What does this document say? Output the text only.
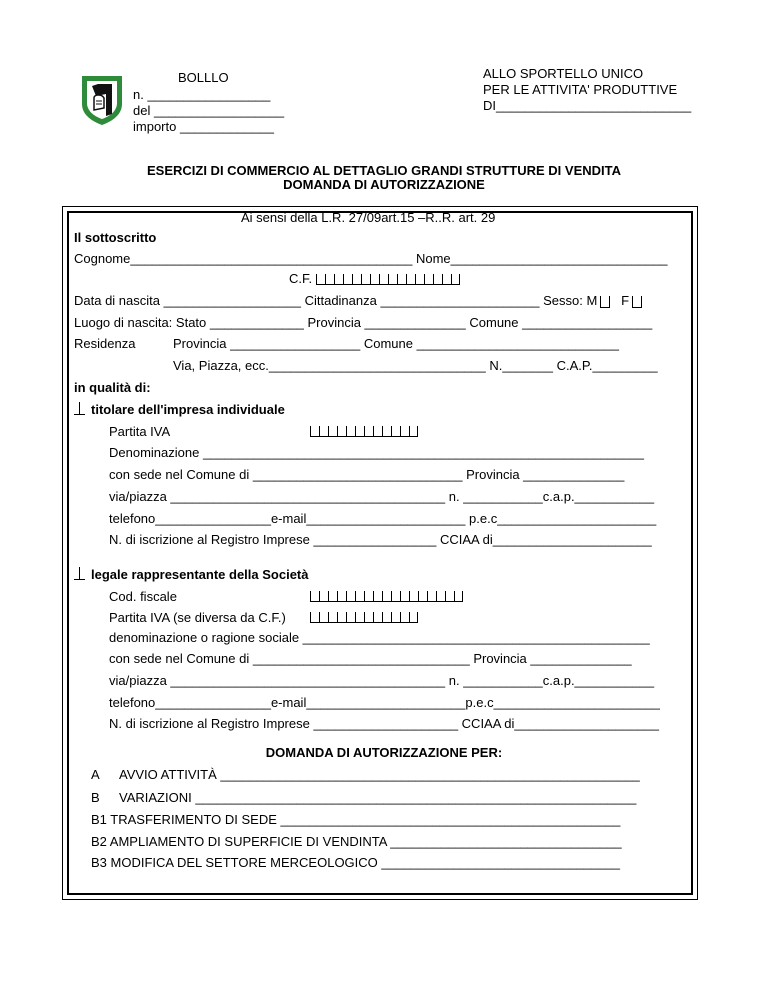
BOLLLO
n. _________________
del __________________
importo _____________
ALLO SPORTELLO UNICO
PER LE ATTIVITA' PRODUTTIVE
DI___________________________
ESERCIZI DI COMMERCIO AL DETTAGLIO GRANDI STRUTTURE DI VENDITA
DOMANDA DI AUTORIZZAZIONE
Ai sensi della L.R. 27/09art.15 –R..R. art. 29
Il sottoscritto
Cognome_______________________________________ Nome______________________________
C.F.
Data di nascita ___________________ Cittadinanza ______________________ Sesso: M F
Luogo di nascita: Stato _____________ Provincia ______________ Comune __________________
Residenza	Provincia __________________ Comune ____________________________
Via, Piazza, ecc.______________________________ N._______ C.A.P._________
in qualità di:
titolare dell'impresa individuale
Partita IVA
Denominazione _____________________________________________________________
con sede nel Comune di _____________________________ Provincia ______________
via/piazza ______________________________________ n. ___________c.a.p.___________
telefono________________e-mail______________________ p.e.c______________________
N. di iscrizione al Registro Imprese _________________ CCIAA di______________________
legale rappresentante della Società
Cod. fiscale
Partita IVA (se diversa da C.F.)
denominazione o ragione sociale ________________________________________________
con sede nel Comune di ______________________________ Provincia ______________
via/piazza ______________________________________ n. ___________c.a.p.___________
telefono________________e-mail______________________p.e.c_______________________
N. di iscrizione al Registro Imprese ____________________ CCIAA di____________________
DOMANDA DI AUTORIZZAZIONE PER:
A AVVIO ATTIVITÀ __________________________________________________________
B VARIAZIONI _____________________________________________________________
B1 TRASFERIMENTO DI SEDE _______________________________________________
B2 AMPLIAMENTO DI SUPERFICIE DI VENDINTA ________________________________
B3 MODIFICA DEL SETTORE MERCEOLOGICO _________________________________
